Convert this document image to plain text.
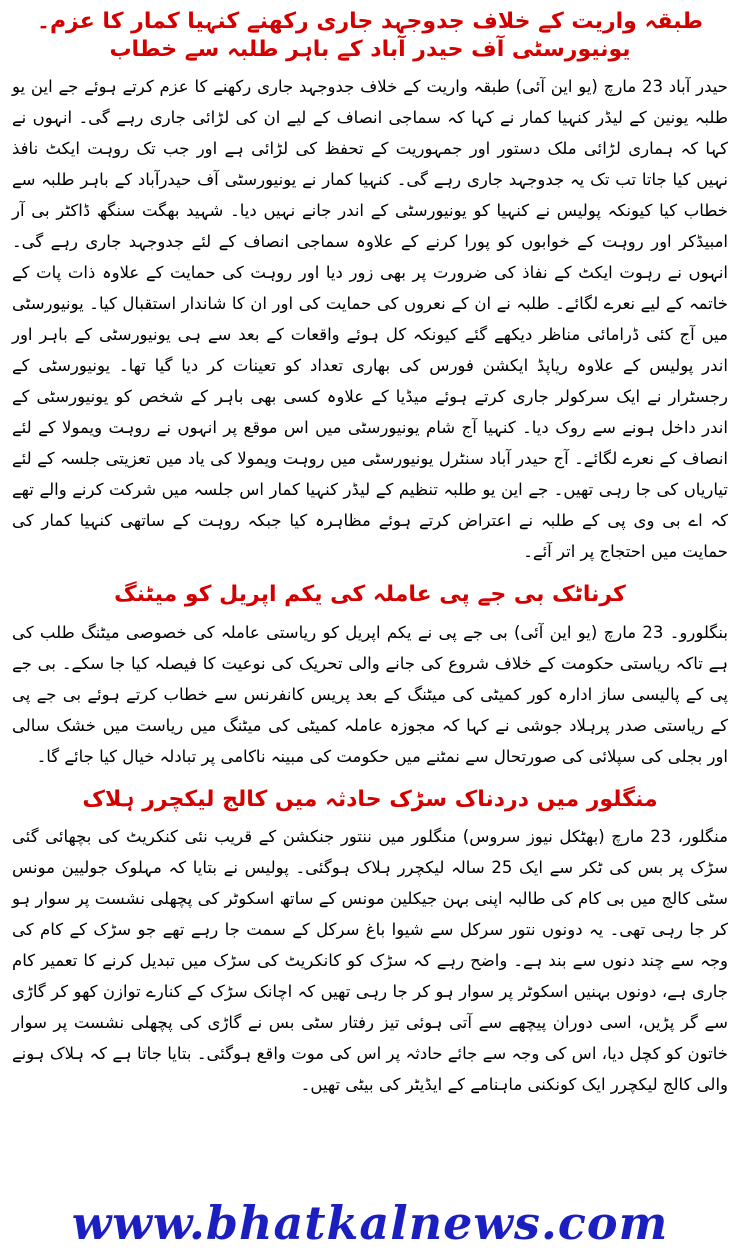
طبقہ واریت کے خلاف جدوجہد جاری رکھنے کنہیا کمار کا عزم۔ یونیورسٹی آف حیدر آباد کے باہر طلبہ سے خطاب

حیدر آباد 23 مارچ (یو این آئی) طبقہ واریت کے خلاف جدوجہد جاری رکھنے کا عزم کرتے ہوئے جے این یو طلبہ یونین کے لیڈر کنہیا کمار نے کہا کہ سماجی انصاف کے لیے ان کی لڑائی جاری رہے گی۔ انہوں نے کہا کہ ہماری لڑائی ملک دستور اور جمہوریت کے تحفظ کی لڑائی ہے اور جب تک روہت ایکٹ نافذ نہیں کیا جاتا تب تک یہ جدوجہد جاری رہے گی۔ کنہیا کمار نے یونیورسٹی آف حیدرآباد کے باہر طلبہ سے خطاب کیا کیونکہ پولیس نے کنہیا کو یونیورسٹی کے اندر جانے نہیں دیا۔ شہید بھگت سنگھ ڈاکٹر بی آر امبیڈکر اور روہت کے خوابوں کو پورا کرنے کے علاوہ سماجی انصاف کے لئے جدوجہد جاری رہے گی۔ انہوں نے رہوت ایکٹ کے نفاذ کی ضرورت پر بھی زور دیا اور روہت کی حمایت کے علاوہ ذات پات کے خاتمہ کے لیے نعرے لگائے۔ طلبہ نے ان کے نعروں کی حمایت کی اور ان کا شاندار استقبال کیا۔ یونیورسٹی میں آج کئی ڈرامائی مناظر دیکھے گئے کیونکہ کل ہوئے واقعات کے بعد سے ہی یونیورسٹی کے باہر اور اندر پولیس کے علاوہ ریاپڈ ایکشن فورس کی بھاری تعداد کو تعینات کر دیا گیا تھا۔ یونیورسٹی کے رجسٹرار نے ایک سرکولر جاری کرتے ہوئے میڈیا کے علاوہ کسی بھی باہر کے شخص کو یونیورسٹی کے اندر داخل ہونے سے روک دیا۔ کنہیا آج شام یونیورسٹی میں اس موقع پر انہوں نے روہت ویمولا کے لئے انصاف کے نعرے لگائے۔ آج حیدر آباد سنٹرل یونیورسٹی میں روہت ویمولا کی یاد میں تعزیتی جلسہ کے لئے تیاریاں کی جا رہی تھیں۔ جے این یو طلبہ تنظیم کے لیڈر کنہیا کمار اس جلسہ میں شرکت کرنے والے تھے کہ اے بی وی پی کے طلبہ نے اعتراض کرتے ہوئے مظاہرہ کیا جبکہ روہت کے ساتھی کنہیا کمار کی حمایت میں احتجاج پر اتر آئے۔

کرناٹک بی جے پی عاملہ کی یکم اپریل کو میٹنگ

بنگلورو۔ 23 مارچ (یو این آئی) بی جے پی نے یکم اپریل کو ریاستی عاملہ کی خصوصی میٹنگ طلب کی ہے تاکہ ریاستی حکومت کے خلاف شروع کی جانے والی تحریک کی نوعیت کا فیصلہ کیا جا سکے۔ بی جے پی کے پالیسی ساز ادارہ کور کمیٹی کی میٹنگ کے بعد پریس کانفرنس سے خطاب کرتے ہوئے بی جے پی کے ریاستی صدر پرہلاد جوشی نے کہا کہ مجوزہ عاملہ کمیٹی کی میٹنگ میں ریاست میں خشک سالی اور بجلی کی سپلائی کی صورتحال سے نمٹنے میں حکومت کی مبینہ ناکامی پر تبادلہ خیال کیا جائے گا۔

منگلور میں دردناک سڑک حادثہ میں کالج لیکچرر ہلاک

منگلور، 23 مارچ (بھٹکل نیوز سروس) منگلور میں ننتور جنکشن کے قریب نئی کنکریٹ کی بچھائی گئی سڑک پر بس کی ٹکر سے ایک 25 سالہ لیکچرر ہلاک ہوگئی۔ پولیس نے بتایا کہ مہلوک جولیین مونس سٹی کالج میں بی کام کی طالبہ اپنی بہن جیکلین مونس کے ساتھ اسکوٹر کی پچھلی نشست پر سوار ہو کر جا رہی تھی۔ یہ دونوں نتور سرکل سے شیوا باغ سرکل کے سمت جا رہے تھے جو سڑک کے کام کی وجہ سے چند دنوں سے بند ہے۔ واضح رہے کہ سڑک کو کانکریٹ کی سڑک میں تبدیل کرنے کا تعمیر کام جاری ہے، دونوں بہنیں اسکوٹر پر سوار ہو کر جا رہی تھیں کہ اچانک سڑک کے کنارے توازن کھو کر گاڑی سے گر پڑیں، اسی دوران پیچھے سے آتی ہوئی تیز رفتار سٹی بس نے گاڑی کی پچھلی نشست پر سوار خاتون کو کچل دیا، اس کی وجہ سے جائے حادثہ پر اس کی موت واقع ہوگئی۔ بتایا جاتا ہے کہ ہلاک ہونے والی کالج لیکچرر ایک کونکنی ماہنامے کے ایڈیٹر کی بیٹی تھیں۔

www.bhatkalnews.com
